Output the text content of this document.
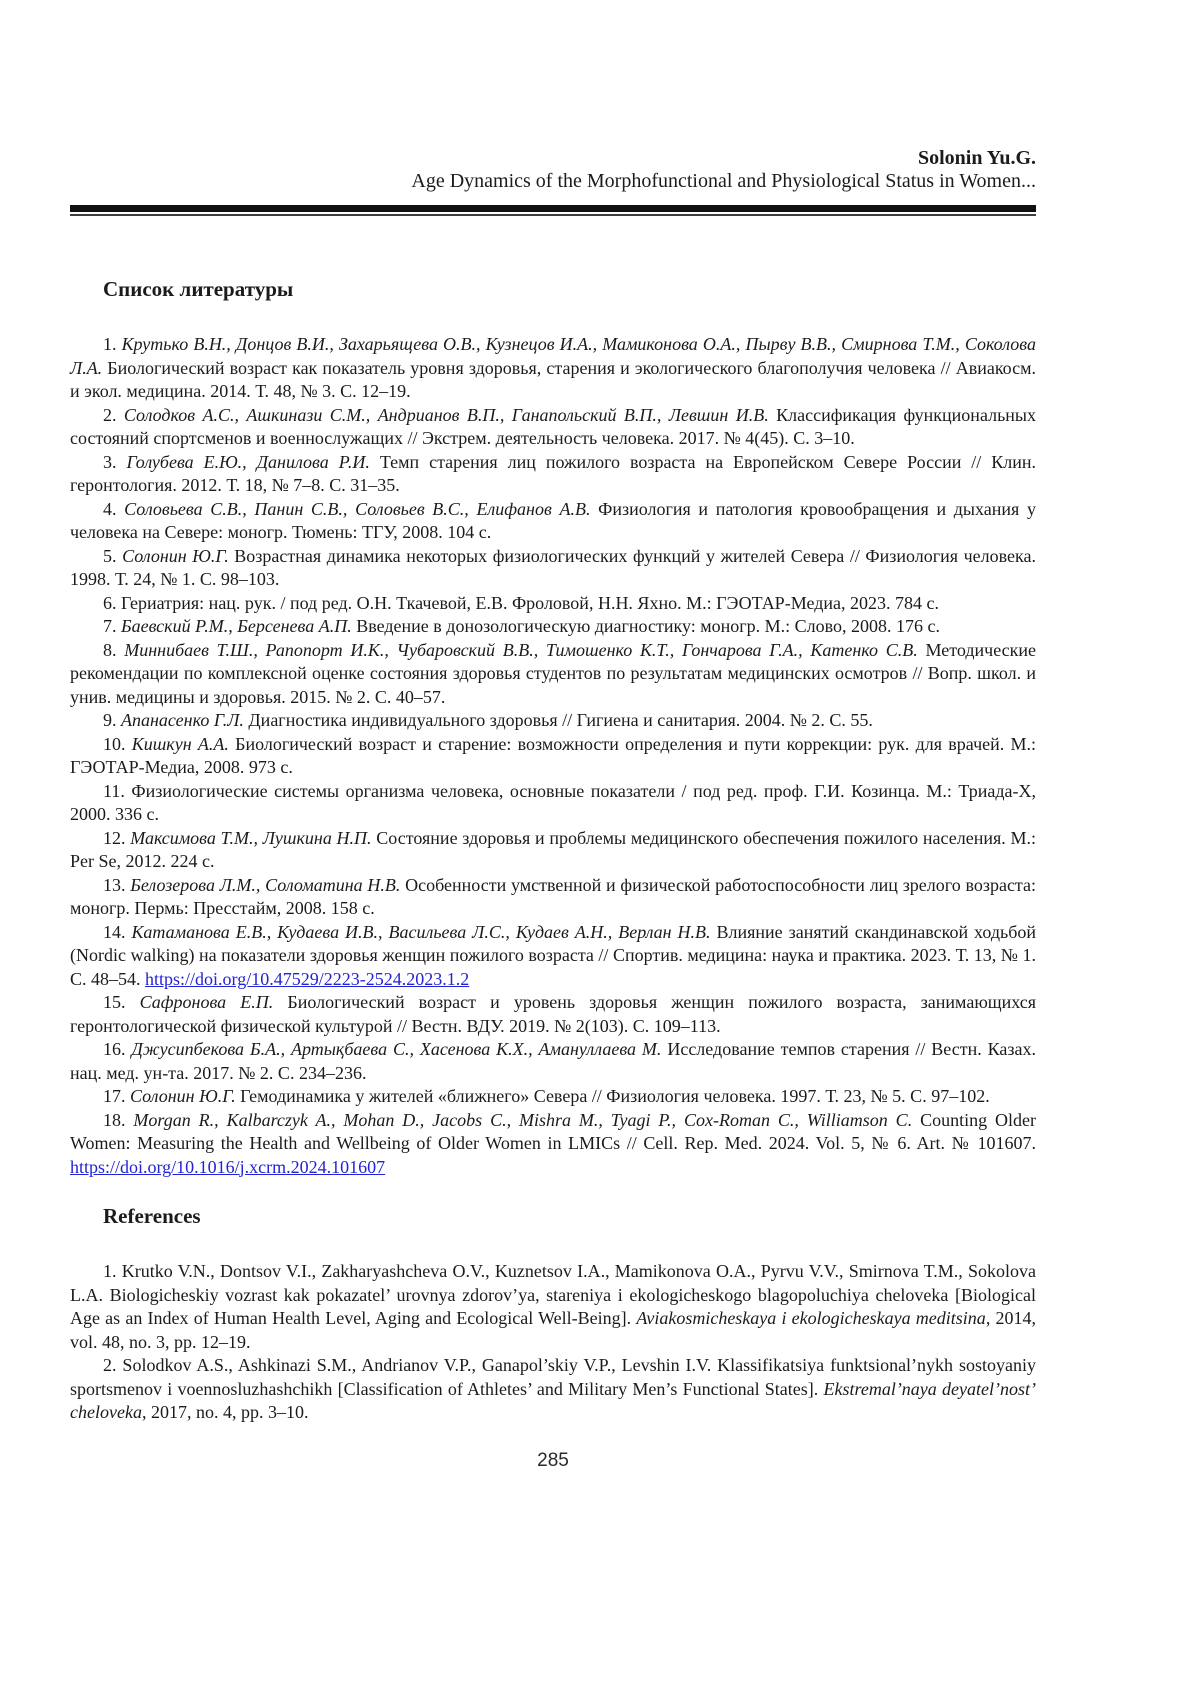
Solonin Yu.G.
Age Dynamics of the Morphofunctional and Physiological Status in Women...
Список литературы

1. Крутько В.Н., Донцов В.И., Захарьящева О.В., Кузнецов И.А., Мамиконова О.А., Пырву В.В., Смирнова Т.М., Соколова Л.А. Биологический возраст как показатель уровня здоровья, старения и экологического благополучия человека // Авиакосм. и экол. медицина. 2014. Т. 48, № 3. С. 12–19.

2. Солодков А.С., Ашкинази С.М., Андрианов В.П., Ганапольский В.П., Левшин И.В. Классификация функциональных состояний спортсменов и военнослужащих // Экстрем. деятельность человека. 2017. № 4(45). С. 3–10.

3. Голубева Е.Ю., Данилова Р.И. Темп старения лиц пожилого возраста на Европейском Севере России // Клин. геронтология. 2012. Т. 18, № 7–8. С. 31–35.

4. Соловьева С.В., Панин С.В., Соловьев В.С., Елифанов А.В. Физиология и патология кровообращения и дыхания у человека на Севере: моногр. Тюмень: ТГУ, 2008. 104 с.

5. Солонин Ю.Г. Возрастная динамика некоторых физиологических функций у жителей Севера // Физиология человека. 1998. Т. 24, № 1. С. 98–103.

6. Гериатрия: нац. рук. / под ред. О.Н. Ткачевой, Е.В. Фроловой, Н.Н. Яхно. М.: ГЭОТАР-Медиа, 2023. 784 с.

7. Баевский Р.М., Берсенева А.П. Введение в донозологическую диагностику: моногр. М.: Слово, 2008. 176 с.

8. Миннибаев Т.Ш., Рапопорт И.К., Чубаровский В.В., Тимошенко К.Т., Гончарова Г.А., Катенко С.В. Методические рекомендации по комплексной оценке состояния здоровья студентов по результатам медицинских осмотров // Вопр. школ. и унив. медицины и здоровья. 2015. № 2. С. 40–57.

9. Апанасенко Г.Л. Диагностика индивидуального здоровья // Гигиена и санитария. 2004. № 2. С. 55.

10. Кишкун А.А. Биологический возраст и старение: возможности определения и пути коррекции: рук. для врачей. М.: ГЭОТАР-Медиа, 2008. 973 с.

11. Физиологические системы организма человека, основные показатели / под ред. проф. Г.И. Козинца. М.: Триада-Х, 2000. 336 с.

12. Максимова Т.М., Лушкина Н.П. Состояние здоровья и проблемы медицинского обеспечения пожилого населения. М.: Per Se, 2012. 224 с.

13. Белозерова Л.М., Соломатина Н.В. Особенности умственной и физической работоспособности лиц зрелого возраста: моногр. Пермь: Пресстайм, 2008. 158 с.

14. Катаманова Е.В., Кудаева И.В., Васильева Л.С., Кудаев А.Н., Верлан Н.В. Влияние занятий скандинавской ходьбой (Nordic walking) на показатели здоровья женщин пожилого возраста // Спортив. медицина: наука и практика. 2023. Т. 13, № 1. С. 48–54. https://doi.org/10.47529/2223-2524.2023.1.2

15. Сафронова Е.П. Биологический возраст и уровень здоровья женщин пожилого возраста, занимающихся геронтологической физической культурой // Вестн. ВДУ. 2019. № 2(103). С. 109–113.

16. Джусипбекова Б.А., Артықбаева С., Хасенова К.Х., Амануллаева М. Исследование темпов старения // Вестн. Казах. нац. мед. ун-та. 2017. № 2. С. 234–236.

17. Солонин Ю.Г. Гемодинамика у жителей «ближнего» Севера // Физиология человека. 1997. Т. 23, № 5. С. 97–102.

18. Morgan R., Kalbarczyk A., Mohan D., Jacobs C., Mishra M., Tyagi P., Cox-Roman C., Williamson C. Counting Older Women: Measuring the Health and Wellbeing of Older Women in LMICs // Cell. Rep. Med. 2024. Vol. 5, № 6. Art. № 101607. https://doi.org/10.1016/j.xcrm.2024.101607

References

1. Krutko V.N., Dontsov V.I., Zakharyashcheva O.V., Kuznetsov I.A., Mamikonova O.A., Pyrvu V.V., Smirnova T.M., Sokolova L.A. Biologicheskiy vozrast kak pokazatel’ urovnya zdorov’ya, stareniya i ekologicheskogo blagopoluchiya cheloveka [Biological Age as an Index of Human Health Level, Aging and Ecological Well-Being]. Aviakosmicheskaya i ekologicheskaya meditsina, 2014, vol. 48, no. 3, pp. 12–19.

2. Solodkov A.S., Ashkinazi S.M., Andrianov V.P., Ganapol’skiy V.P., Levshin I.V. Klassifikatsiya funktsional’nykh sostoyaniy sportsmenov i voennosluzhashchikh [Classification of Athletes’ and Military Men’s Functional States]. Ekstremal’naya deyatel’nost’ cheloveka, 2017, no. 4, pp. 3–10.

285
